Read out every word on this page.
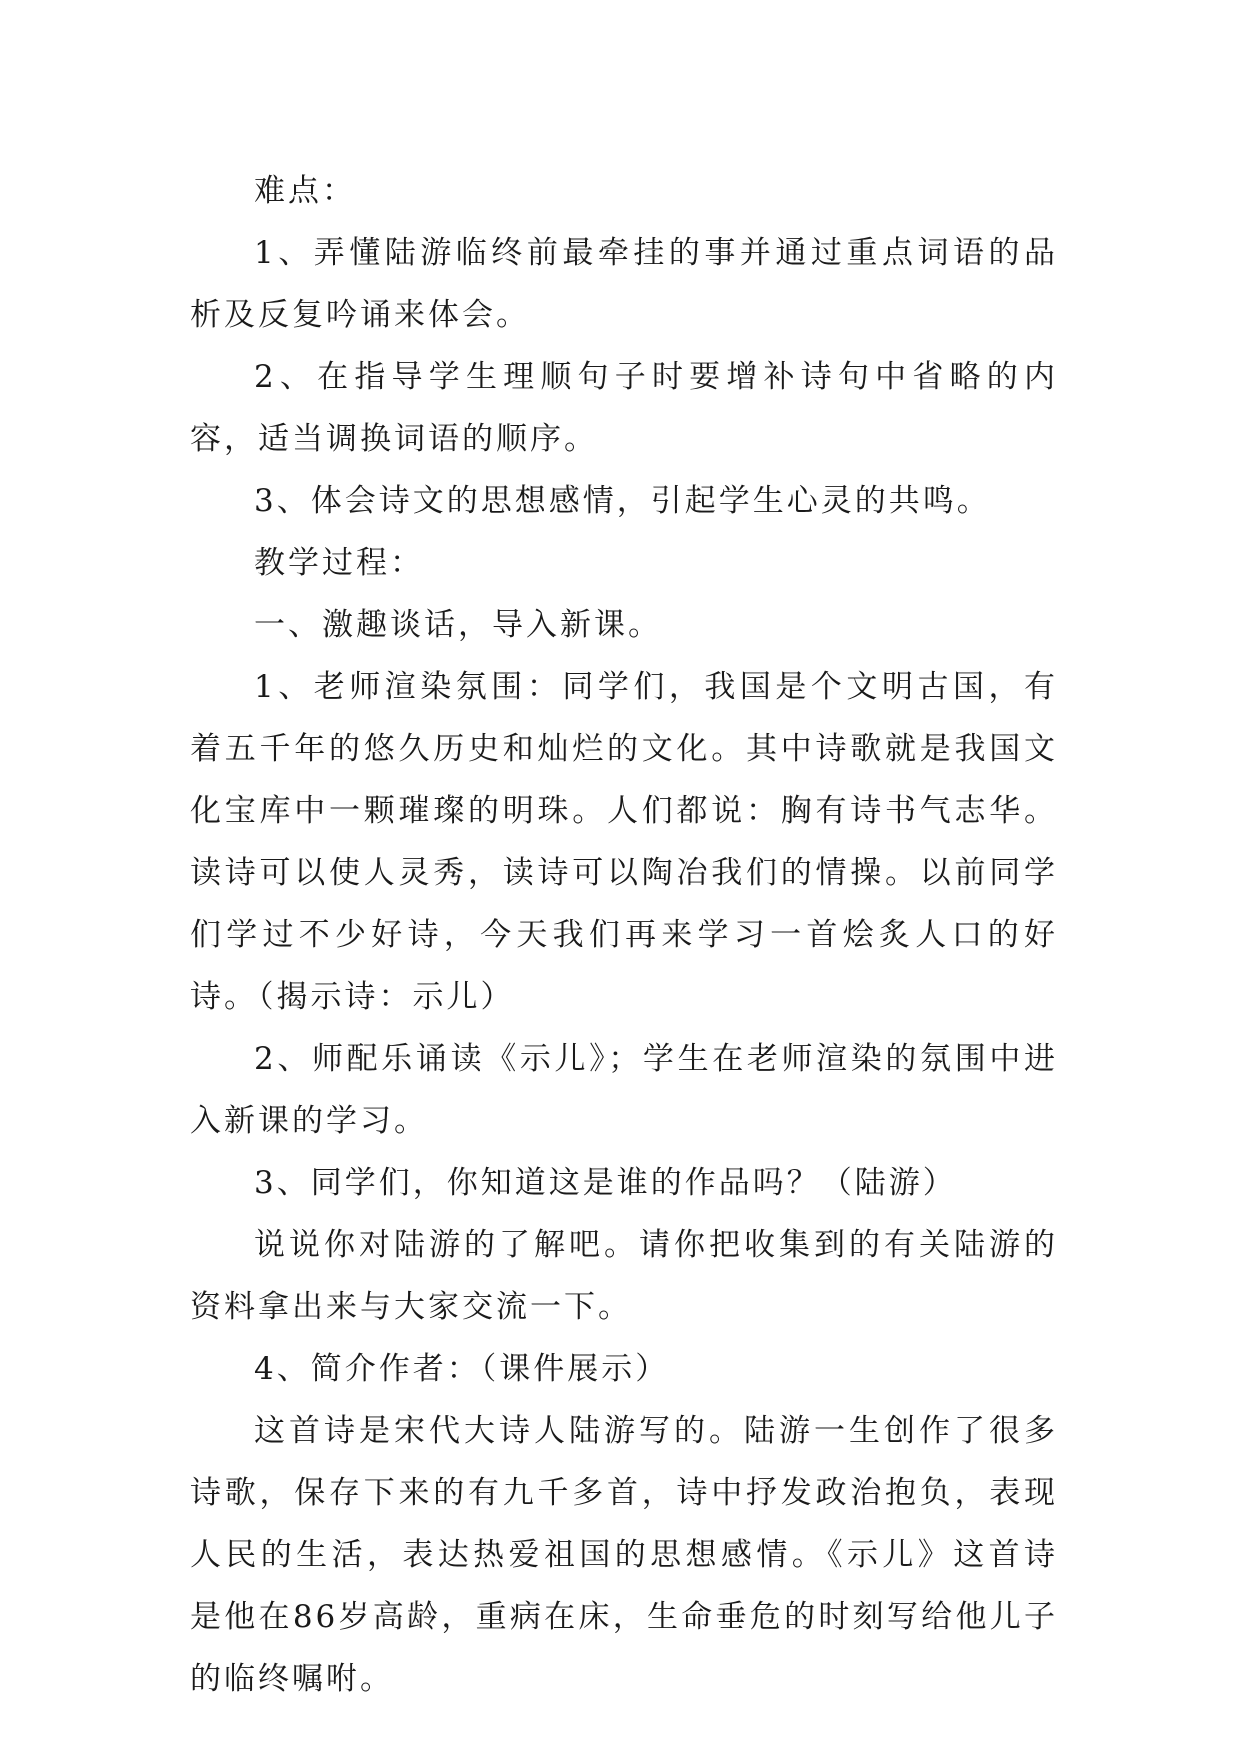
难点：

1、弄懂陆游临终前最牵挂的事并通过重点词语的品析及反复吟诵来体会。

2、在指导学生理顺句子时要增补诗句中省略的内容，适当调换词语的顺序。

3、体会诗文的思想感情，引起学生心灵的共鸣。

教学过程：

一、激趣谈话，导入新课。

1、老师渲染氛围：同学们，我国是个文明古国，有着五千年的悠久历史和灿烂的文化。其中诗歌就是我国文化宝库中一颗璀璨的明珠。人们都说：胸有诗书气志华。读诗可以使人灵秀，读诗可以陶冶我们的情操。以前同学们学过不少好诗，今天我们再来学习一首烩炙人口的好诗。（揭示诗：示儿）

2、师配乐诵读《示儿》；学生在老师渲染的氛围中进入新课的学习。

3、同学们，你知道这是谁的作品吗？（陆游）

说说你对陆游的了解吧。请你把收集到的有关陆游的资料拿出来与大家交流一下。

4、简介作者：（课件展示）

这首诗是宋代大诗人陆游写的。陆游一生创作了很多诗歌，保存下来的有九千多首，诗中抒发政治抱负，表现人民的生活，表达热爱祖国的思想感情。《示儿》这首诗是他在86岁高龄，重病在床，生命垂危的时刻写给他儿子的临终嘱咐。
